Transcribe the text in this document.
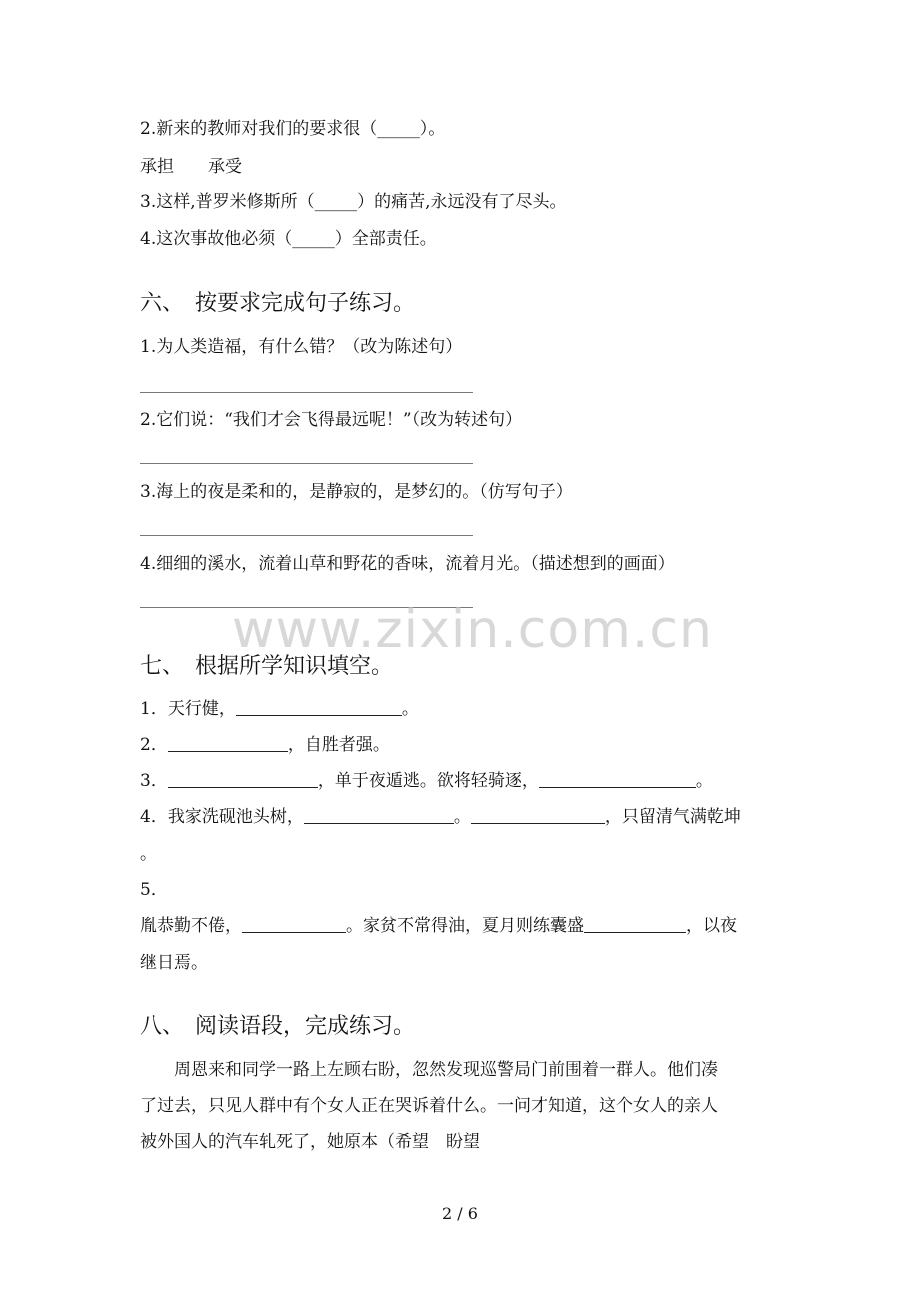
2.新来的教师对我们的要求很（_____）。
承担　　承受
3.这样,普罗米修斯所（_____）的痛苦,永远没有了尽头。
4.这次事故他必须（_____）全部责任。
六、　按要求完成句子练习。
1.为人类造福，有什么错？（改为陈述句）
2.它们说：“我们才会飞得最远呢！”（改为转述句）
3.海上的夜是柔和的，是静寂的，是梦幻的。（仿写句子）
4.细细的溪水，流着山草和野花的香味，流着月光。（描述想到的画面）
www.zixin.com.cn
七、　根据所学知识填空。
1．天行健，	。
2．	，自胜者强。
3．	，单于夜遁逃。欲将轻骑逐，	。
4．我家洗砚池头树，	。	，只留清气满乾坤
。
5．
胤恭勤不倦，	。家贫不常得油，夏月则练囊盛	，以夜
继日焉。
八、　阅读语段，完成练习。
　　周恩来和同学一路上左顾右盼，忽然发现巡警局门前围着一群人。他们凑
了过去，只见人群中有个女人正在哭诉着什么。一问才知道，这个女人的亲人
被外国人的汽车轧死了，她原本（希望　盼望
2 / 6
